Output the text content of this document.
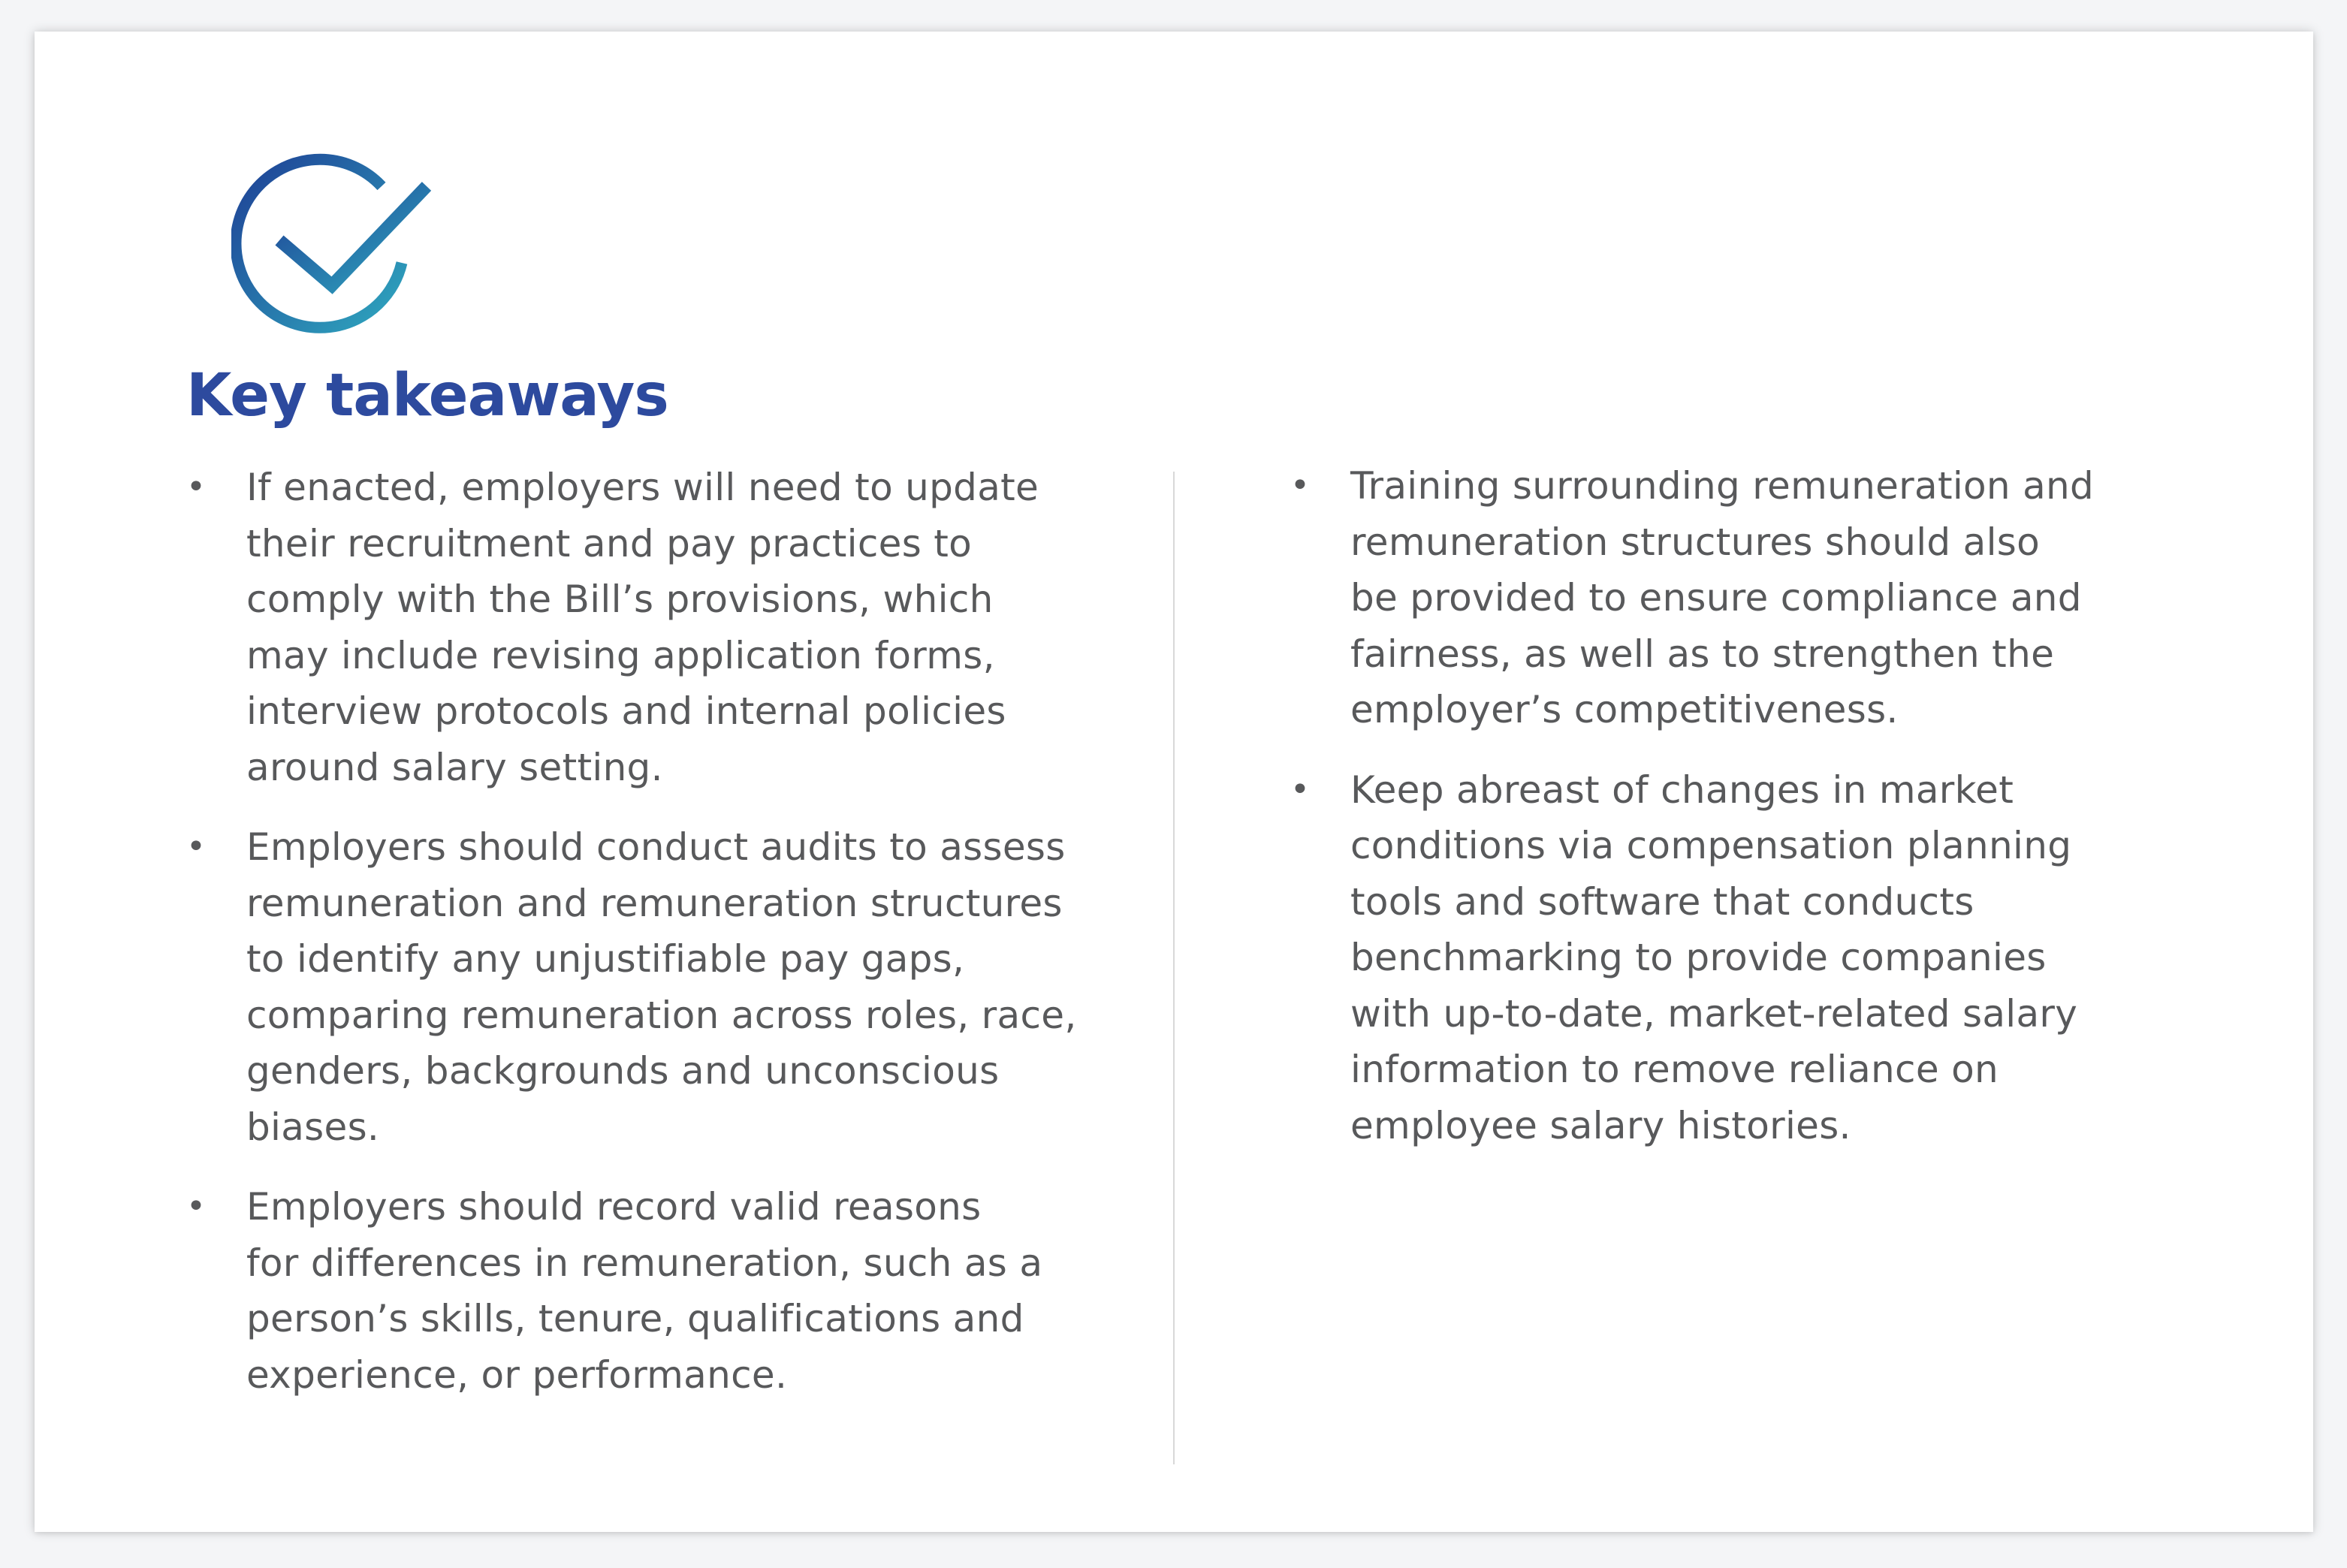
Key takeaways
• If enacted, employers will need to update
their recruitment and pay practices to
comply with the Bill’s provisions, which
may include revising application forms,
interview protocols and internal policies
around salary setting.
• Employers should conduct audits to assess
remuneration and remuneration structures
to identify any unjustifiable pay gaps,
comparing remuneration across roles, race,
genders, backgrounds and unconscious
biases.
• Employers should record valid reasons
for differences in remuneration, such as a
person’s skills, tenure, qualifications and
experience, or performance.
• Training surrounding remuneration and
remuneration structures should also
be provided to ensure compliance and
fairness, as well as to strengthen the
employer’s competitiveness.
• Keep abreast of changes in market
conditions via compensation planning
tools and software that conducts
benchmarking to provide companies
with up-to-date, market-related salary
information to remove reliance on
employee salary histories.
